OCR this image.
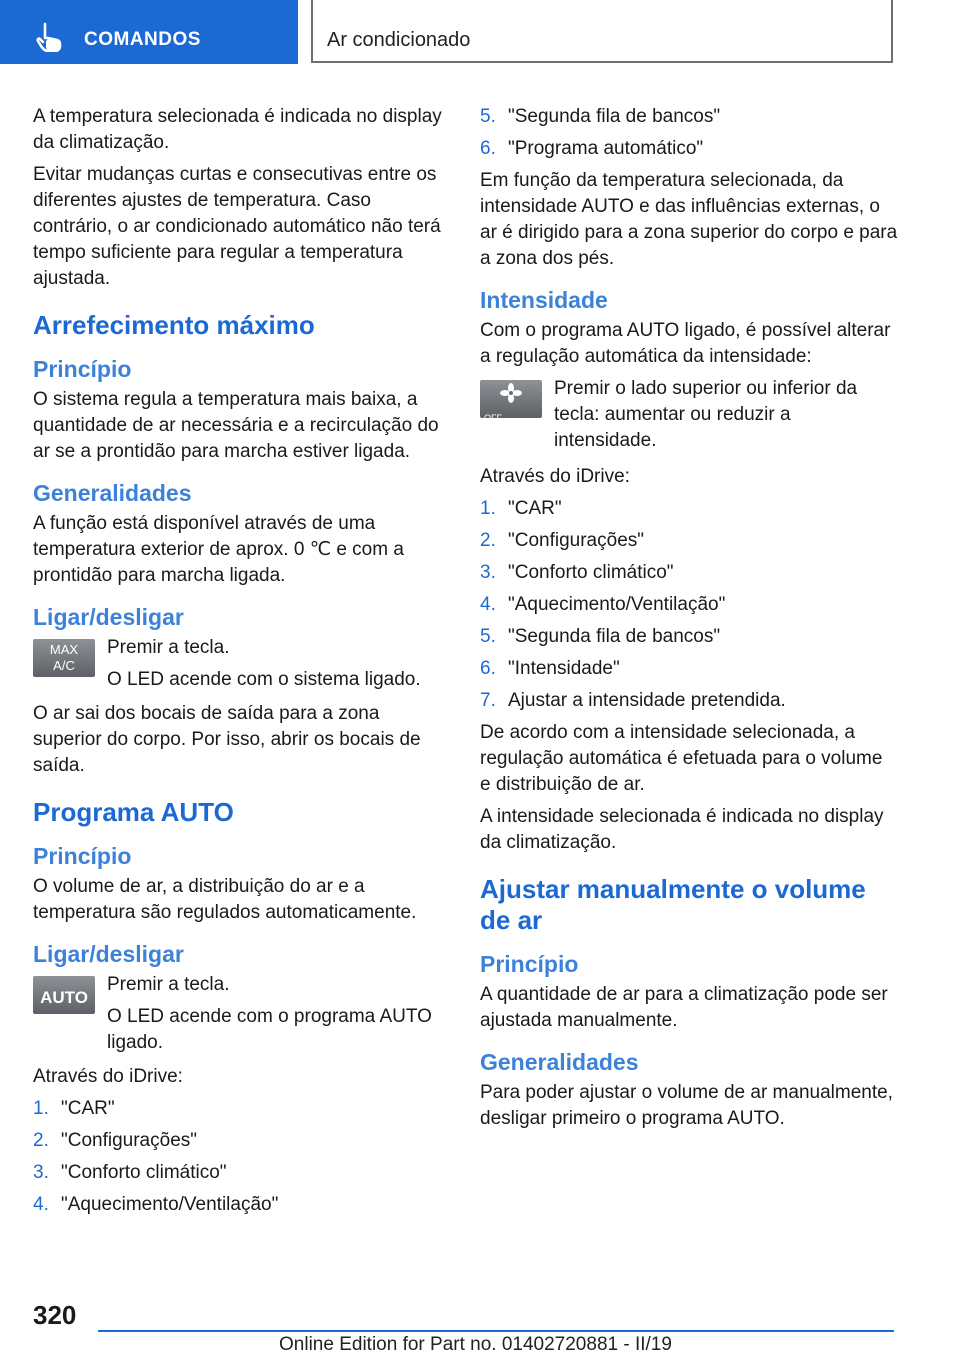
COMANDOS	Ar condicionado

A temperatura selecionada é indicada no display da climatização.

Evitar mudanças curtas e consecutivas entre os diferentes ajustes de temperatura. Caso contrário, o ar condicionado automático não terá tempo suficiente para regular a temperatura ajustada.

Arrefecimento máximo
Princípio

O sistema regula a temperatura mais baixa, a quantidade de ar necessária e a recirculação do ar se a prontidão para marcha estiver ligada.

Generalidades

A função está disponível através de uma temperatura exterior de aprox. 0 ℃ e com a prontidão para marcha ligada.

Ligar/desligar
MAX
A/C

Premir a tecla.

O LED acende com o sistema ligado.

O ar sai dos bocais de saída para a zona superior do corpo. Por isso, abrir os bocais de saída.

Programa AUTO
Princípio

O volume de ar, a distribuição do ar e a temperatura são regulados automaticamente.

Ligar/desligar
AUTO

Premir a tecla.

O LED acende com o programa AUTO ligado.

Através do iDrive:

1. "CAR"
2. "Configurações"
3. "Conforto climático"
4. "Aquecimento/Ventilação"
5. "Segunda fila de bancos"
6. "Programa automático"

Em função da temperatura selecionada, da intensidade AUTO e das influências externas, o ar é dirigido para a zona superior do corpo e para a zona dos pés.

Intensidade

Com o programa AUTO ligado, é possível alterar a regulação automática da intensidade:

OFF

Premir o lado superior ou inferior da tecla: aumentar ou reduzir a intensidade.

Através do iDrive:

1. "CAR"
2. "Configurações"
3. "Conforto climático"
4. "Aquecimento/Ventilação"
5. "Segunda fila de bancos"
6. "Intensidade"
7. Ajustar a intensidade pretendida.

De acordo com a intensidade selecionada, a regulação automática é efetuada para o volume e distribuição de ar.

A intensidade selecionada é indicada no display da climatização.

Ajustar manualmente o volume de ar
Princípio

A quantidade de ar para a climatização pode ser ajustada manualmente.

Generalidades

Para poder ajustar o volume de ar manualmente, desligar primeiro o programa AUTO.

320
Online Edition for Part no. 01402720881 - II/19
